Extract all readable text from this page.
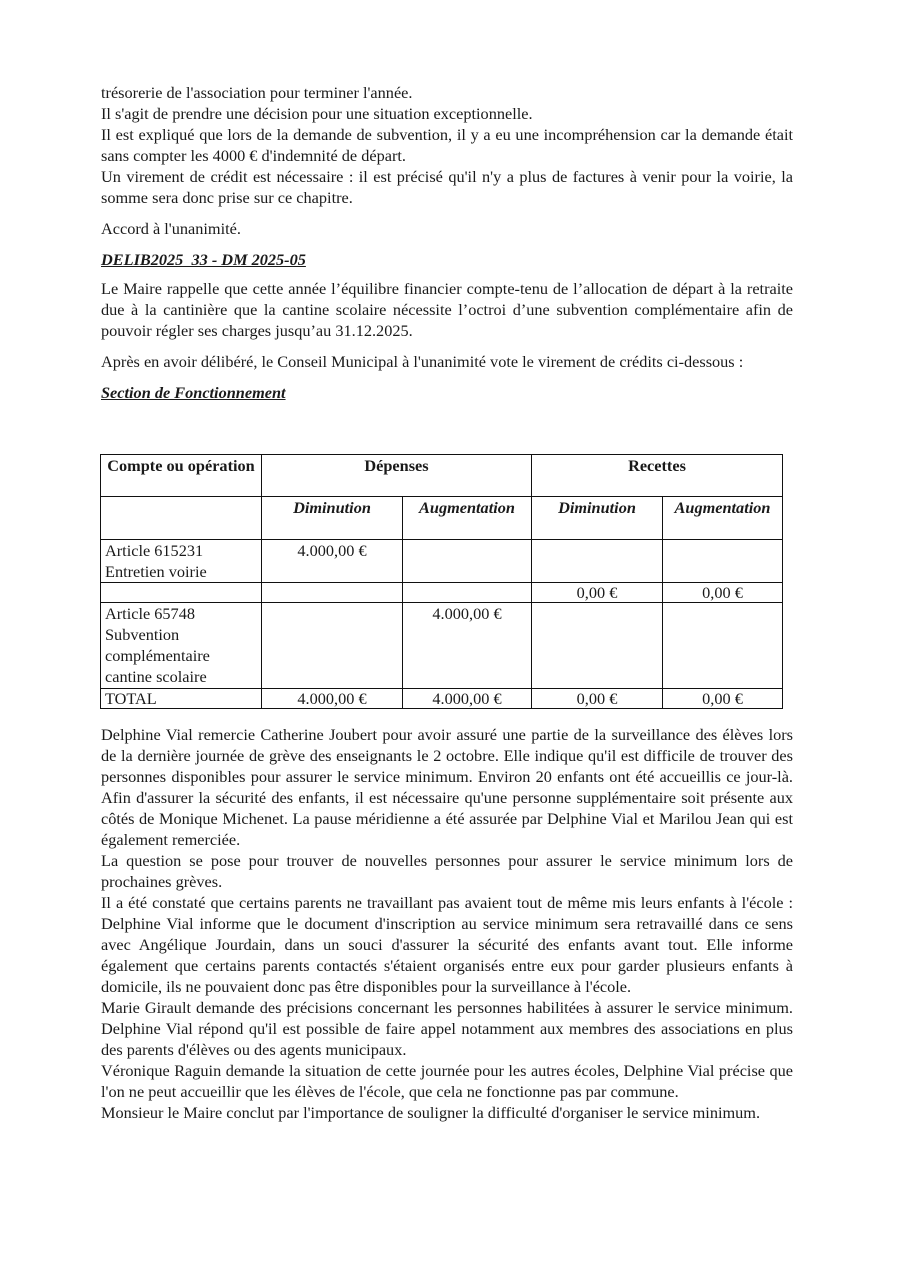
trésorerie de l'association pour terminer l'année.

Il s'agit de prendre une décision pour une situation exceptionnelle.

Il est expliqué que lors de la demande de subvention, il y a eu une incompréhension car la demande était sans compter les 4000 € d'indemnité de départ.

Un virement de crédit est nécessaire : il est précisé qu'il n'y a plus de factures à venir pour la voirie, la somme sera donc prise sur ce chapitre.

Accord à l'unanimité.

DELIB2025  33 - DM 2025-05

Le Maire rappelle que cette année l’équilibre financier compte-tenu de l’allocation de départ à la retraite due à la cantinière que la cantine scolaire nécessite l’octroi d’une subvention complémentaire afin de pouvoir régler ses charges jusqu’au 31.12.2025.

Après en avoir délibéré, le Conseil Municipal à l'unanimité vote le virement de crédits ci-dessous :

Section de Fonctionnement

Compte ou opération	Dépenses		Recettes	
	Diminution	Augmentation	Diminution	Augmentation
Article 615231 Entretien voirie	4.000,00 €			
			0,00 €	0,00 €
Article 65748 Subvention complémentaire cantine scolaire		4.000,00 €		
TOTAL	4.000,00 €	4.000,00 €	0,00 €	0,00 €

Delphine Vial remercie Catherine Joubert pour avoir assuré une partie de la surveillance des élèves lors de la dernière journée de grève des enseignants le 2 octobre. Elle indique qu'il est difficile de trouver des personnes disponibles pour assurer le service minimum. Environ 20 enfants ont été accueillis ce jour-là. Afin d'assurer la sécurité des enfants, il est nécessaire qu'une personne supplémentaire soit présente aux côtés de Monique Michenet. La pause méridienne a été assurée par Delphine Vial et Marilou Jean qui est également remerciée.

La question se pose pour trouver de nouvelles personnes pour assurer le service minimum lors de prochaines grèves.

Il a été constaté que certains parents ne travaillant pas avaient tout de même mis leurs enfants à l'école : Delphine Vial informe que le document d'inscription au service minimum sera retravaillé dans ce sens avec Angélique Jourdain, dans un souci d'assurer la sécurité des enfants avant tout. Elle informe également que certains parents contactés s'étaient organisés entre eux pour garder plusieurs enfants à domicile, ils ne pouvaient donc pas être disponibles pour la surveillance à l'école.

Marie Girault demande des précisions concernant les personnes habilitées à assurer le service minimum. Delphine Vial répond qu'il est possible de faire appel notamment aux membres des associations en plus des parents d'élèves ou des agents municipaux.

Véronique Raguin demande la situation de cette journée pour les autres écoles, Delphine Vial précise que l'on ne peut accueillir que les élèves de l'école, que cela ne fonctionne pas par commune.

Monsieur le Maire conclut par l'importance de souligner la difficulté d'organiser le service minimum.
